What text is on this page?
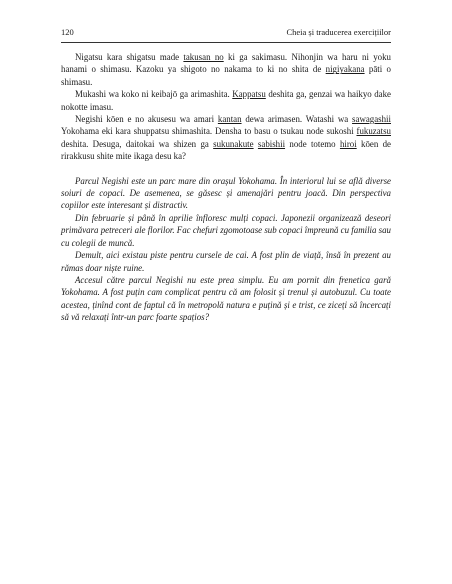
120	Cheia și traducerea exercițiilor

Nigatsu kara shigatsu made takusan no ki ga sakimasu. Nihonjin wa haru ni yoku hanami o shimasu. Kazoku ya shigoto no nakama to ki no shita de nigiyakana pāti o shimasu.

Mukashi wa koko ni keibajō ga arimashita. Kappatsu deshita ga, genzai wa haikyo dake nokotte imasu.

Negishi kōen e no akusesu wa amari kantan dewa arimasen. Watashi wa sawagashii Yokohama eki kara shuppatsu shimashita. Densha to basu o tsukau node sukoshi fukuzatsu deshita. Desuga, daitokai wa shizen ga sukunakute sabishii node totemo hiroi kōen de rirakkusu shite mite ikaga desu ka?

Parcul Negishi este un parc mare din orașul Yokohama. În interiorul lui se află diverse soiuri de copaci. De asemenea, se găsesc și amenajări pentru joacă. Din perspectiva copiilor este interesant și distractiv.

Din februarie și până în aprilie înfloresc mulți copaci. Japonezii organizează deseori primăvara petreceri ale florilor. Fac chefuri zgomotoase sub copaci împreună cu familia sau cu colegii de muncă.

Demult, aici existau piste pentru cursele de cai. A fost plin de viață, însă în prezent au rămas doar niște ruine.

Accesul către parcul Negishi nu este prea simplu. Eu am pornit din frenetica gară Yokohama. A fost puțin cam complicat pentru că am folosit și trenul și autobuzul. Cu toate acestea, ținînd cont de faptul că în metropolă natura e puțină și e trist, ce ziceți să încercați să vă relaxați într-un parc foarte spațios?
